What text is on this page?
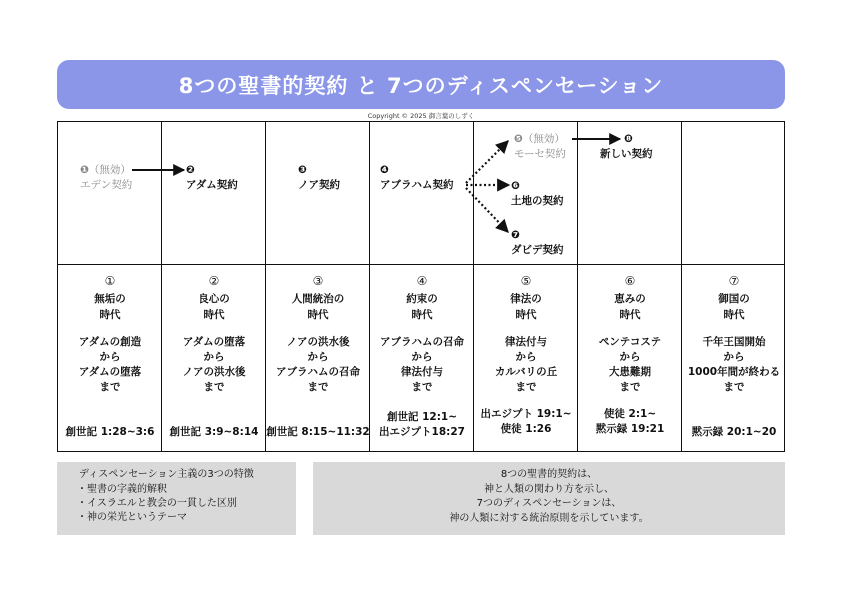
8つの聖書的契約 と 7つのディスペンセーション
Copyright © 2025 御言葉のしずく
❶（無効）
エデン契約
❷
アダム契約
❸
ノア契約
❹
アブラハム契約
❺（無効）
モーセ契約
❻
土地の契約
❼
ダビデ契約
❽
新しい契約
①
無垢の
時代
アダムの創造
から
アダムの堕落
まで
創世記 1:28~3:6
②
良心の
時代
アダムの堕落
から
ノアの洪水後
まで
創世記 3:9~8:14
③
人間統治の
時代
ノアの洪水後
から
アブラハムの召命
まで
創世記 8:15~11:32
④
約束の
時代
アブラハムの召命
から
律法付与
まで
創世記 12:1~
出エジプト18:27
⑤
律法の
時代
律法付与
から
カルバリの丘
まで
出エジプト 19:1~
使徒 1:26
⑥
恵みの
時代
ペンテコステ
から
大患難期
まで
使徒 2:1~
黙示録 19:21
⑦
御国の
時代
千年王国開始
から
1000年間が終わる
まで
黙示録 20:1~20
ディスペンセーション主義の3つの特徴
・聖書の字義的解釈
・イスラエルと教会の一貫した区別
・神の栄光というテーマ
8つの聖書的契約は、
神と人類の関わり方を示し、
7つのディスペンセーションは、
神の人類に対する統治原則を示しています。
